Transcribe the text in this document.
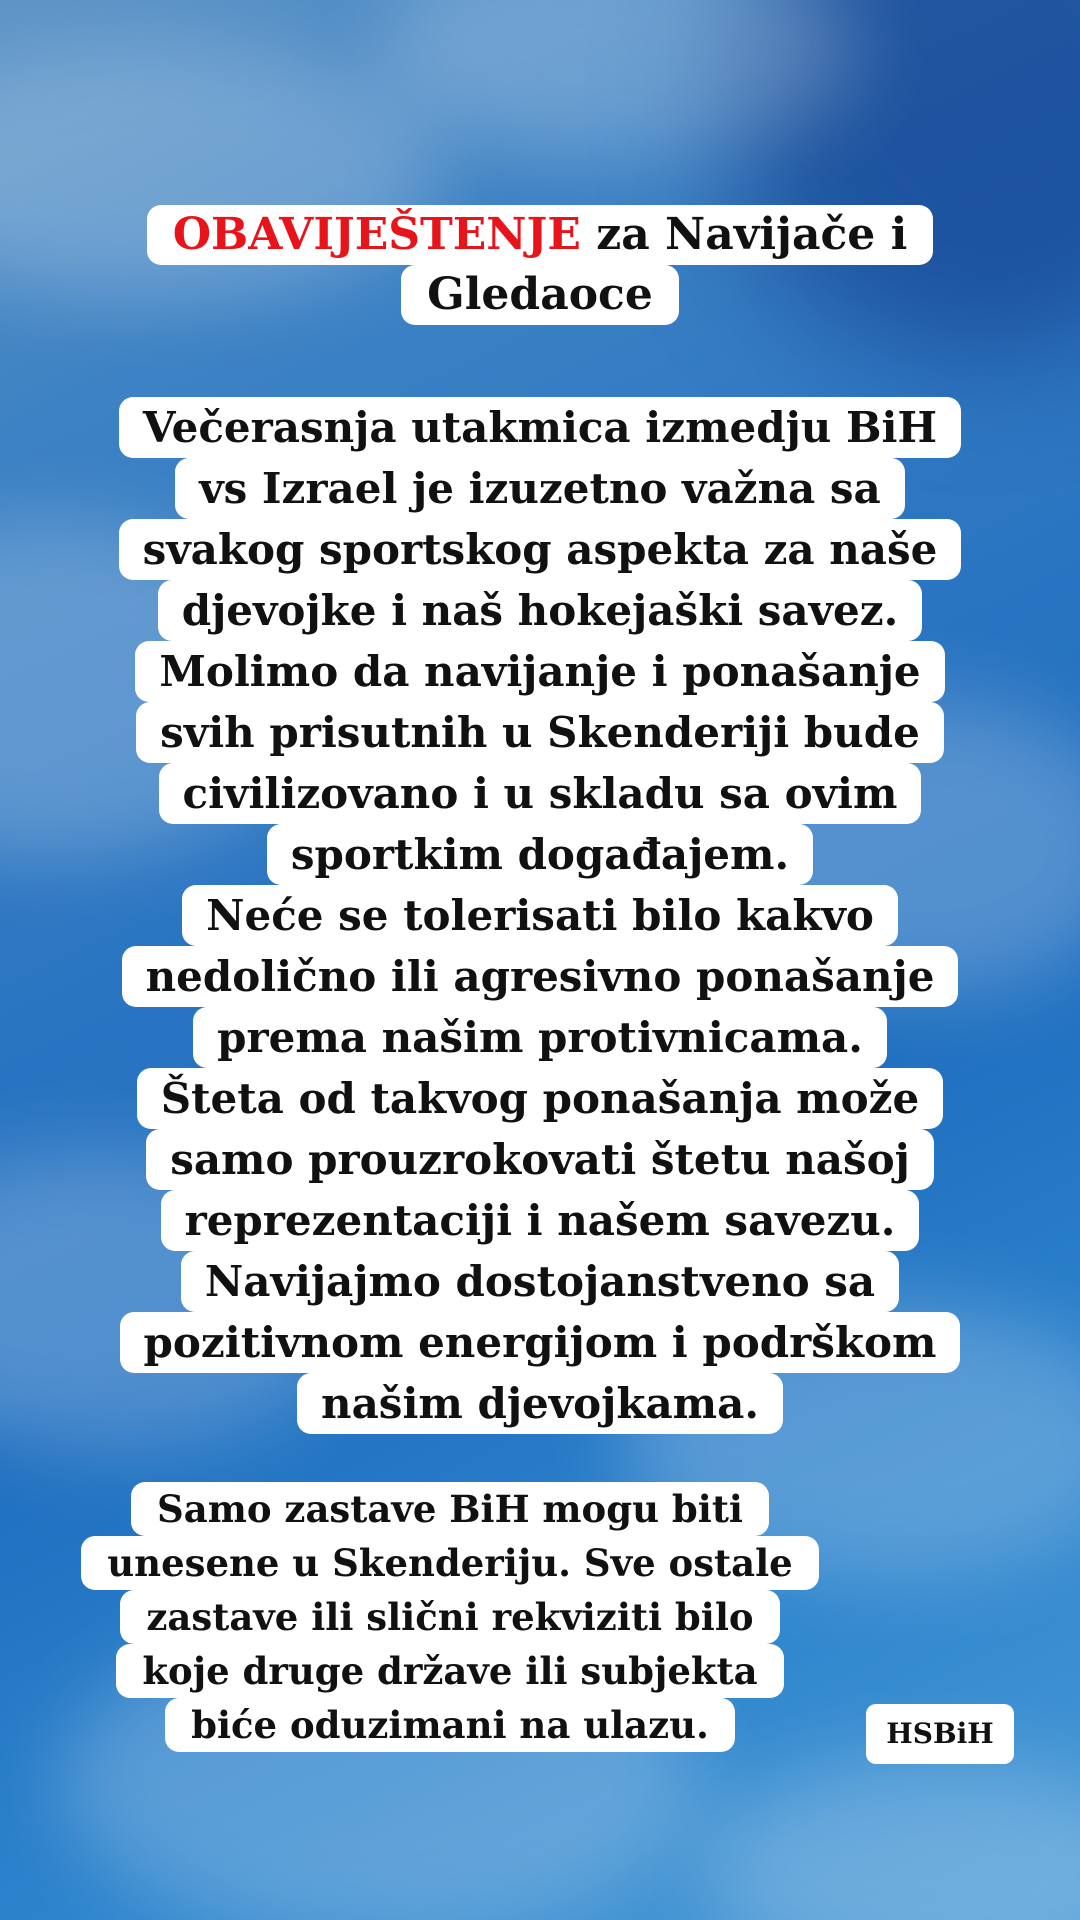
OBAVIJEŠTENJE za Navijače i
Gledaoce
Večerasnja utakmica izmedju BiH
vs Izrael je izuzetno važna sa
svakog sportskog aspekta za naše
djevojke i naš hokejaški savez.
Molimo da navijanje i ponašanje
svih prisutnih u Skenderiji bude
civilizovano i u skladu sa ovim
sportkim događajem.
Neće se tolerisati bilo kakvo
nedolično ili agresivno ponašanje
prema našim protivnicama.
Šteta od takvog ponašanja može
samo prouzrokovati štetu našoj
reprezentaciji i našem savezu.
Navijajmo dostojanstveno sa
pozitivnom energijom i podrškom
našim djevojkama.
Samo zastave BiH mogu biti
unesene u Skenderiju. Sve ostale
zastave ili slični rekviziti bilo
koje druge države ili subjekta
biće oduzimani na ulazu.	HSBiH
